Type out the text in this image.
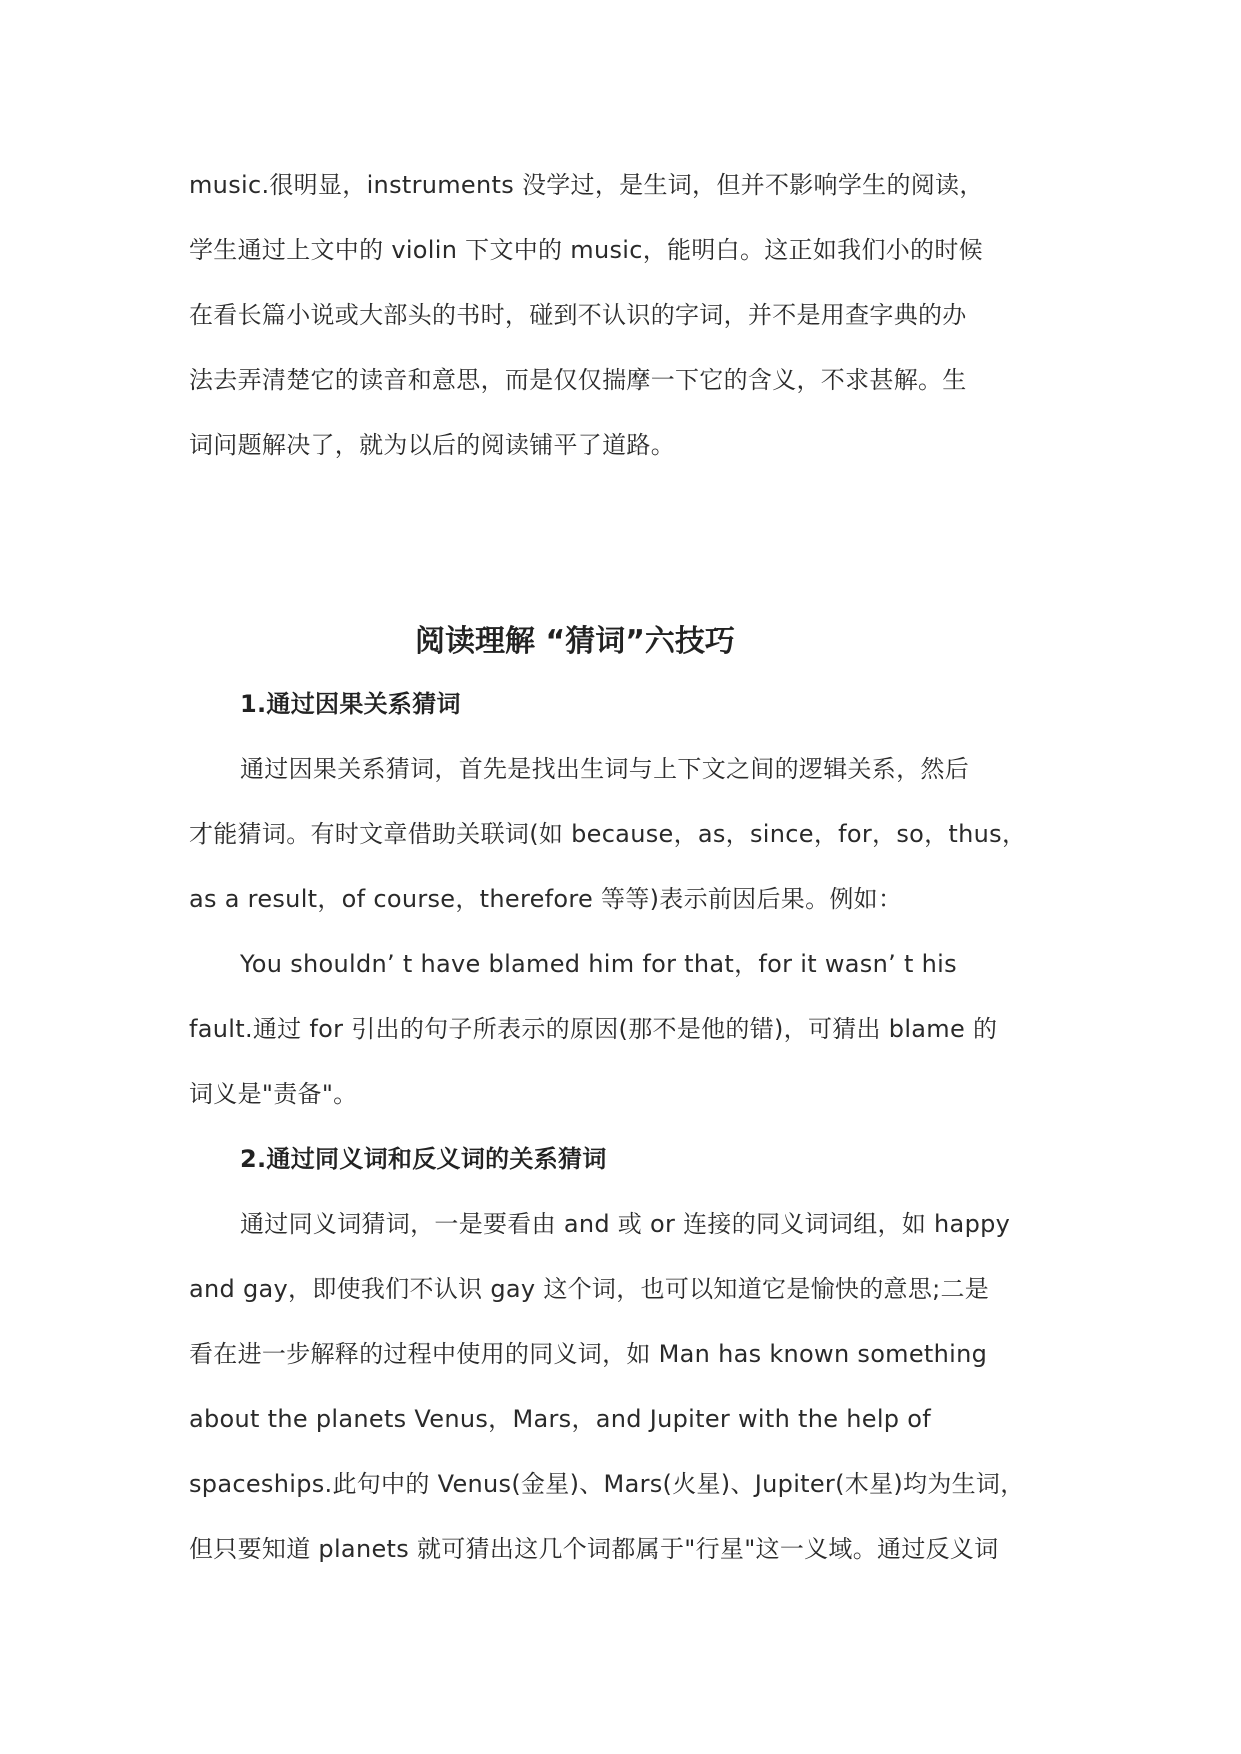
music.很明显，instruments 没学过，是生词，但并不影响学生的阅读，
学生通过上文中的 violin 下文中的 music，能明白。这正如我们小的时候
在看长篇小说或大部头的书时，碰到不认识的字词，并不是用查字典的办
法去弄清楚它的读音和意思，而是仅仅揣摩一下它的含义，不求甚解。生
词问题解决了，就为以后的阅读铺平了道路。
阅读理解 “猜词”六技巧
1.通过因果关系猜词
通过因果关系猜词，首先是找出生词与上下文之间的逻辑关系，然后
才能猜词。有时文章借助关联词(如 because，as，since，for，so，thus，
as a result，of course，therefore 等等)表示前因后果。例如：
You shouldn’ t have blamed him for that，for it wasn’ t his
fault.通过 for 引出的句子所表示的原因(那不是他的错)，可猜出 blame 的
词义是"责备"。
2.通过同义词和反义词的关系猜词
通过同义词猜词，一是要看由 and 或 or 连接的同义词词组，如 happy
and gay，即使我们不认识 gay 这个词，也可以知道它是愉快的意思;二是
看在进一步解释的过程中使用的同义词，如 Man has known something
about the planets Venus，Mars，and Jupiter with the help of
spaceships.此句中的 Venus(金星)、Mars(火星)、Jupiter(木星)均为生词，
但只要知道 planets 就可猜出这几个词都属于"行星"这一义域。通过反义词
